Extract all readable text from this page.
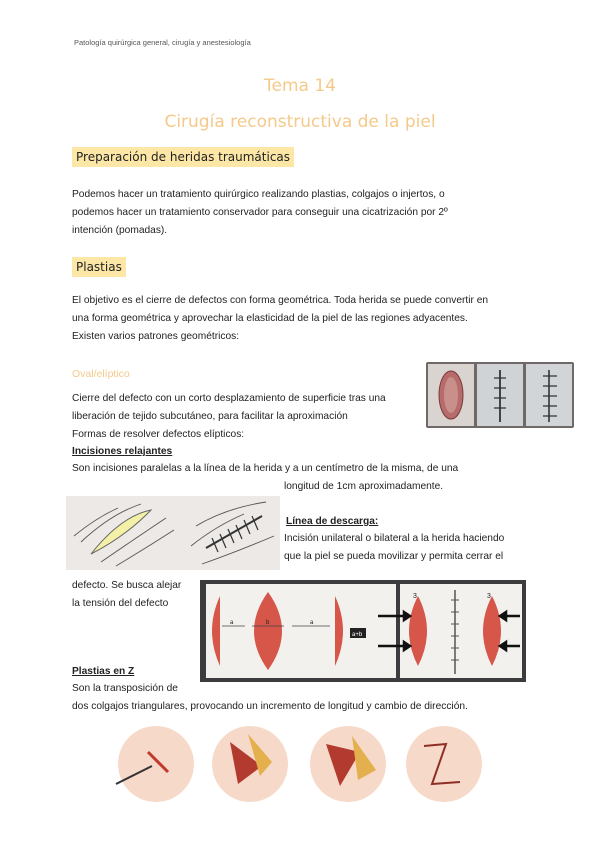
Patología quirúrgica general, cirugía y anestesiología
Tema 14
Cirugía reconstructiva de la piel
Preparación de heridas traumáticas
Podemos hacer un tratamiento quirúrgico realizando plastias, colgajos o injertos, o
podemos hacer un tratamiento conservador para conseguir una cicatrización por 2º
intención (pomadas).
Plastias
El objetivo es el cierre de defectos con forma geométrica. Toda herida se puede convertir en
una forma geométrica y aprovechar la elasticidad de la piel de las regiones adyacentes.
Existen varios patrones geométricos:
Oval/elíptico
Cierre del defecto con un corto desplazamiento de superficie tras una
liberación de tejido subcutáneo, para facilitar la aproximación
Formas de resolver defectos elípticos:
Incisiones relajantes
Son incisiones paralelas a la línea de la herida y a un centímetro de la misma, de una
longitud de 1cm aproximadamente.
Línea de descarga:
Incisión unilateral o bilateral a la herida haciendo
que la piel se pueda movilizar y permita cerrar el
defecto. Se busca alejar
la tensión del defecto
a	b	a
a+b
3	3
Plastias en Z
Son la transposición de
dos colgajos triangulares, provocando un incremento de longitud y cambio de dirección.
